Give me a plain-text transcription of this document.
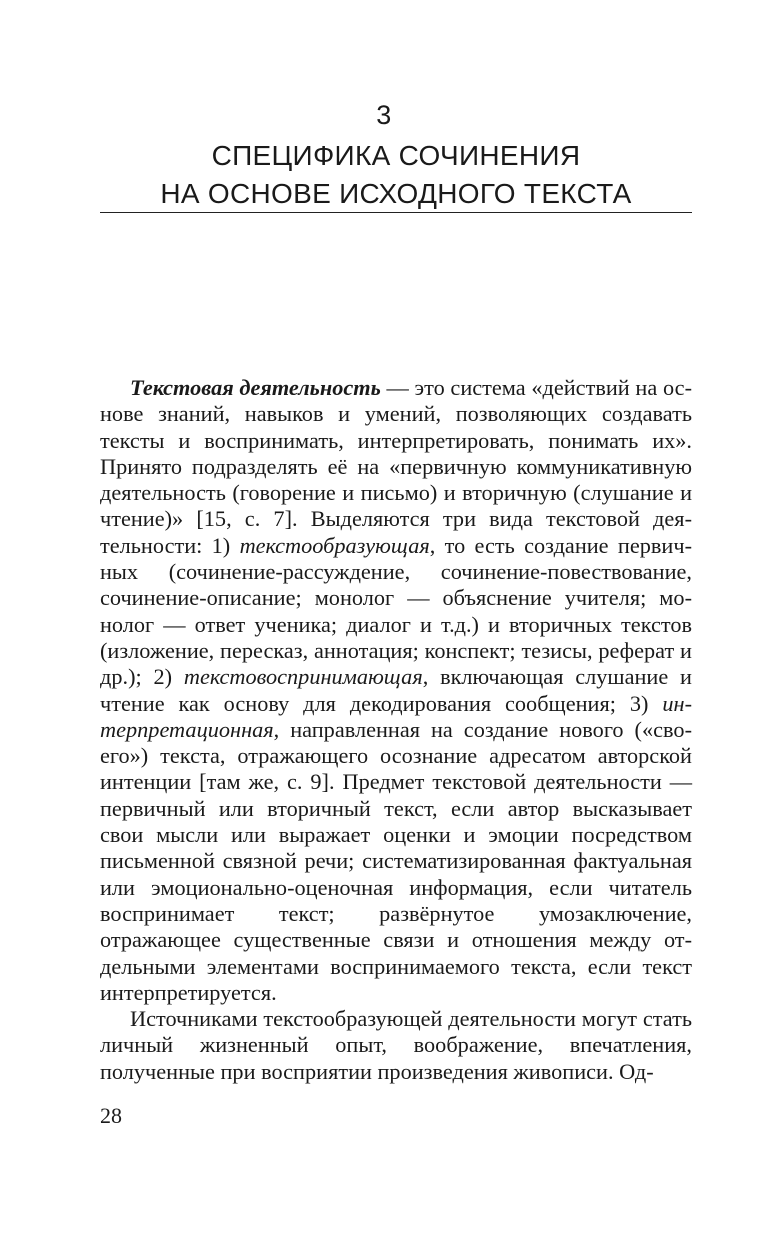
3
СПЕЦИФИКА СОЧИНЕНИЯ
НА ОСНОВЕ ИСХОДНОГО ТЕКСТА

Текстовая деятельность — это система «действий на основе знаний, навыков и умений, позволяющих создавать тексты и воспринимать, интерпретировать, понимать их». Принято подразделять её на «первичную коммуникативную деятельность (говорение и письмо) и вторичную (слушание и чтение)» [15, с. 7]. Выделяются три вида текстовой деятельности: 1) текстообразующая, то есть создание первичных (сочинение-рассуждение, сочинение-повествование, сочинение-описание; монолог — объяснение учителя; монолог — ответ ученика; диалог и т.д.) и вторичных текстов (изложение, пересказ, аннотация; конспект; тезисы, реферат и др.); 2) текстовоспринимающая, включающая слушание и чтение как основу для декодирования сообщения; 3) интерпретационная, направленная на создание нового («своего») текста, отражающего осознание адресатом авторской интенции [там же, с. 9]. Предмет текстовой деятельности — первичный или вторичный текст, если автор высказывает свои мысли или выражает оценки и эмоции посредством письменной связной речи; систематизированная фактуальная или эмоционально-оценочная информация, если читатель воспринимает текст; развёрнутое умозаключение, отражающее существенные связи и отношения между отдельными элементами воспринимаемого текста, если текст интерпретируется.

Источниками текстообразующей деятельности могут стать личный жизненный опыт, воображение, впечатления, полученные при восприятии произведения живописи. Од-

28
